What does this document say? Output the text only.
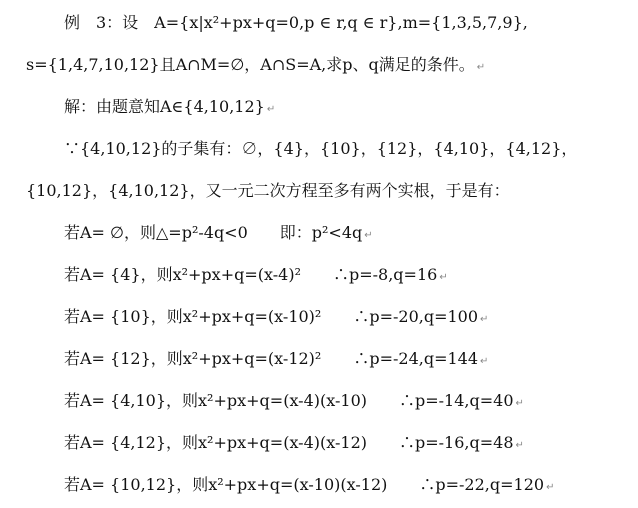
例　3：设　A={x|x²+px+q=0,p ∈ r,q ∈ r},m={1,3,5,7,9},
s={1,4,7,10,12}且A∩M=∅，A∩S=A,求p、q满足的条件。 ↵
解：由题意知A∈{4,10,12} ↵
∵{4,10,12}的子集有：∅，{4}，{10}，{12}，{4,10}，{4,12}，
{10,12}，{4,10,12}，又一元二次方程至多有两个实根，于是有：
若A= ∅，则△=p²-4q<0　　即：p²<4q ↵
若A= {4}，则x²+px+q=(x-4)²　　∴p=-8,q=16 ↵
若A= {10}，则x²+px+q=(x-10)²　　∴p=-20,q=100 ↵
若A= {12}，则x²+px+q=(x-12)²　　∴p=-24,q=144 ↵
若A= {4,10}，则x²+px+q=(x-4)(x-10)　　∴p=-14,q=40 ↵
若A= {4,12}，则x²+px+q=(x-4)(x-12)　　∴p=-16,q=48 ↵
若A= {10,12}，则x²+px+q=(x-10)(x-12)　　∴p=-22,q=120 ↵
